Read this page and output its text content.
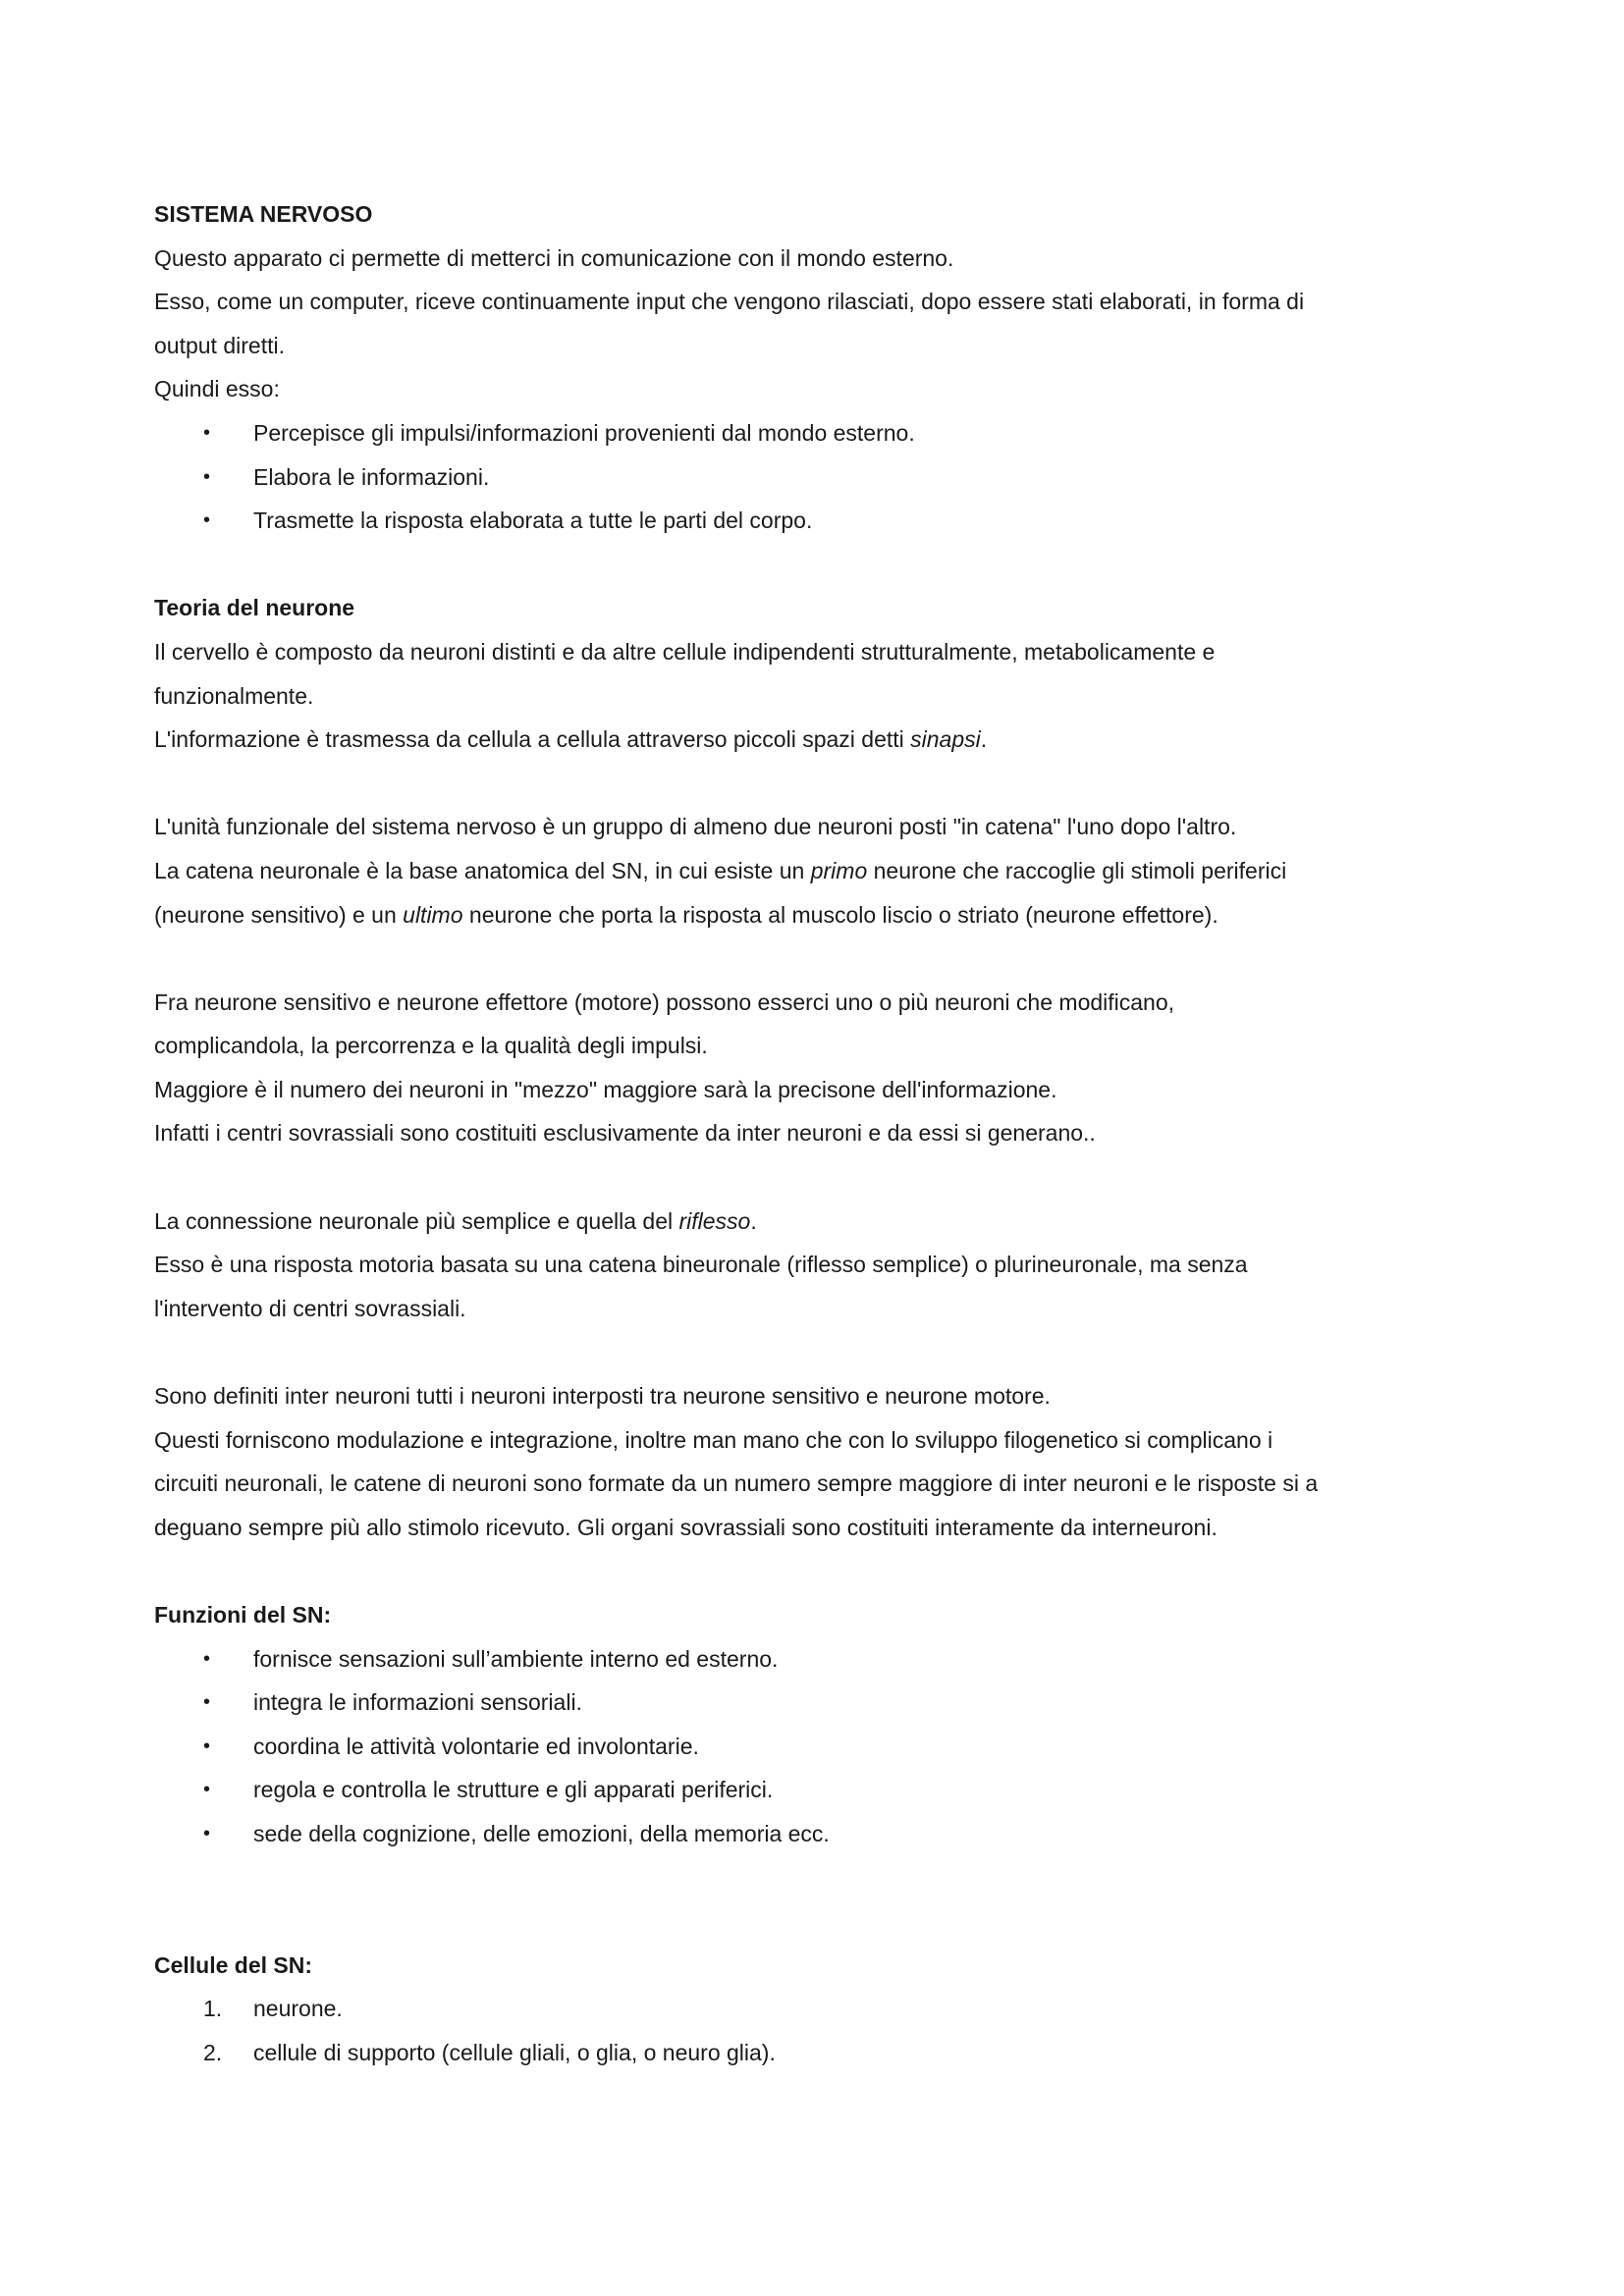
SISTEMA NERVOSO

Questo apparato ci permette di metterci in comunicazione con il mondo esterno.

Esso, come un computer, riceve continuamente input che vengono rilasciati, dopo essere stati elaborati, in forma di

output diretti.

Quindi esso:

• Percepisce gli impulsi/informazioni provenienti dal mondo esterno.
• Elabora le informazioni.
• Trasmette la risposta elaborata a tutte le parti del corpo.

Teoria del neurone

Il cervello è composto da neuroni distinti e da altre cellule indipendenti strutturalmente, metabolicamente e

funzionalmente.

L'informazione è trasmessa da cellula a cellula attraverso piccoli spazi detti sinapsi.

L'unità funzionale del sistema nervoso è un gruppo di almeno due neuroni posti "in catena" l'uno dopo l'altro.

La catena neuronale è la base anatomica del SN, in cui esiste un primo neurone che raccoglie gli stimoli periferici

(neurone sensitivo) e un ultimo neurone che porta la risposta al muscolo liscio o striato (neurone effettore).

Fra neurone sensitivo e neurone effettore (motore) possono esserci uno o più neuroni che modificano,

complicandola, la percorrenza e la qualità degli impulsi.

Maggiore è il numero dei neuroni in "mezzo" maggiore sarà la precisone dell'informazione.

Infatti i centri sovrassiali sono costituiti esclusivamente da inter neuroni e da essi si generano..

La connessione neuronale più semplice e quella del riflesso.

Esso è una risposta motoria basata su una catena bineuronale (riflesso semplice) o plurineuronale, ma senza

l'intervento di centri sovrassiali.

Sono definiti inter neuroni tutti i neuroni interposti tra neurone sensitivo e neurone motore.

Questi forniscono modulazione e integrazione, inoltre man mano che con lo sviluppo filogenetico si complicano i

circuiti neuronali, le catene di neuroni sono formate da un numero sempre maggiore di inter neuroni e le risposte si a

deguano sempre più allo stimolo ricevuto. Gli organi sovrassiali sono costituiti interamente da interneuroni.

Funzioni del SN:

• fornisce sensazioni sull’ambiente interno ed esterno.
• integra le informazioni sensoriali.
• coordina le attività volontarie ed involontarie.
• regola e controlla le strutture e gli apparati periferici.
• sede della cognizione, delle emozioni, della memoria ecc.

Cellule del SN:

1. neurone.
2. cellule di supporto (cellule gliali, o glia, o neuro glia).
